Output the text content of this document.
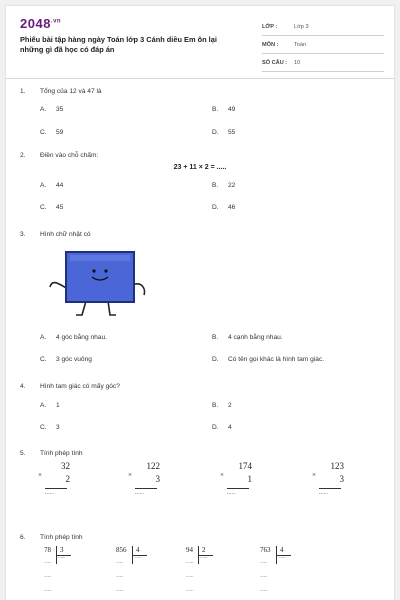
$2048^{.vn}$
Phiếu bài tập hàng ngày Toán lớp 3 Cánh diều Em ôn lại những gì đã học có đáp án
LỚP :	Lớp 3
MÔN :	Toán
SỐ CÂU : 10
1. Tổng của 12 và 47 là
A. 35	B. 49
C. 59	D. 55
2. Điền vào chỗ chấm:
23 + 11 × 2 = .....
A. 44	B. 22
C. 45	D. 46
3. Hình chữ nhật có
A. 4 góc bằng nhau.	B. 4 cạnh bằng nhau.
C. 3 góc vuông	D. Có tên gọi khác là hình tam giác.
4. Hình tam giác có mấy góc?
A. 1	B. 2
C. 3	D. 4
5. Tính phép tính
32
×	2
......
122
×	3
......
174
×	1
......
123
×	3
......
6. Tính phép tính
78 3
......
......
......
......
856 4
......
......
......
......
94 2
......
......
......
......
763 4
......
......
......
......
